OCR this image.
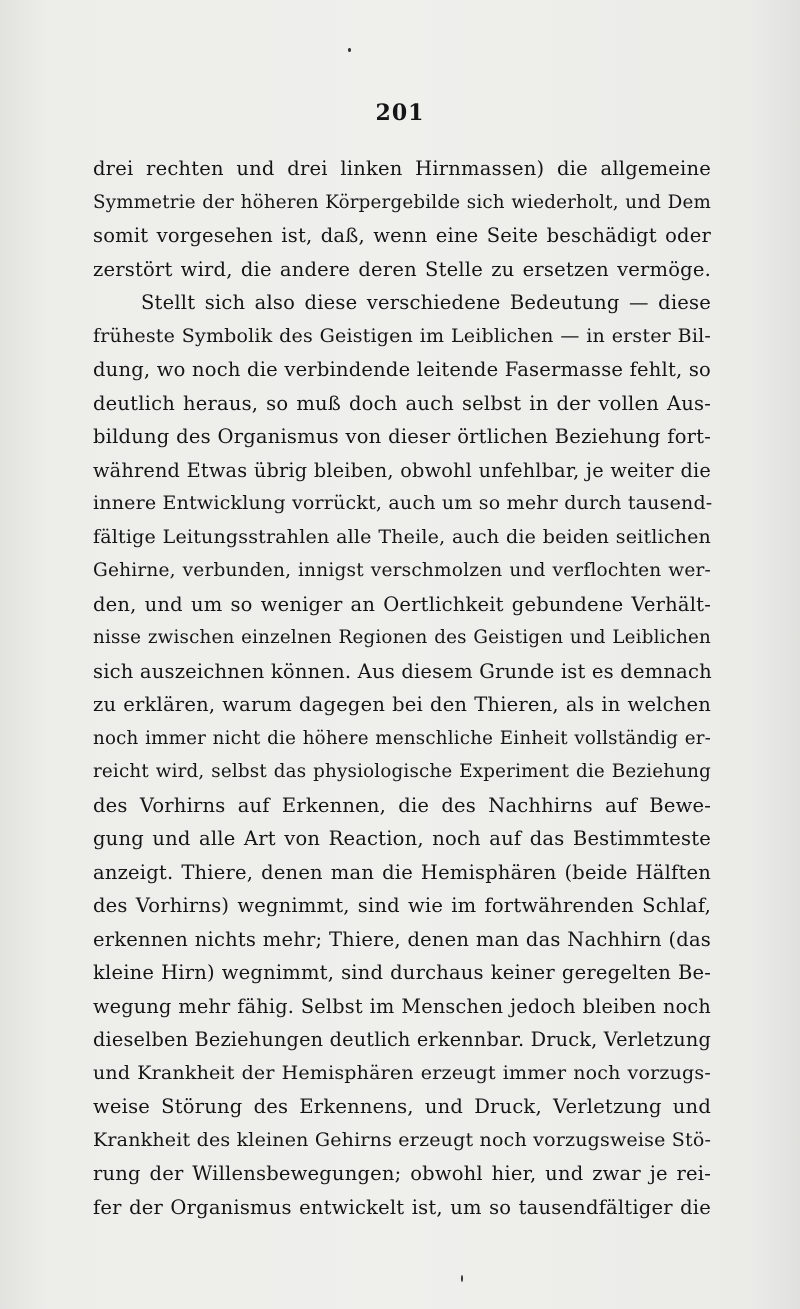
201
drei rechten und drei linken Hirnmassen) die allgemeine
Symmetrie der höheren Körpergebilde sich wiederholt, und Dem
somit vorgesehen ist, daß, wenn eine Seite beschädigt oder
zerstört wird, die andere deren Stelle zu ersetzen vermöge.
Stellt sich also diese verschiedene Bedeutung — diese
früheste Symbolik des Geistigen im Leiblichen — in erster Bil-
dung, wo noch die verbindende leitende Fasermasse fehlt, so
deutlich heraus, so muß doch auch selbst in der vollen Aus-
bildung des Organismus von dieser örtlichen Beziehung fort-
während Etwas übrig bleiben, obwohl unfehlbar, je weiter die
innere Entwicklung vorrückt, auch um so mehr durch tausend-
fältige Leitungsstrahlen alle Theile, auch die beiden seitlichen
Gehirne, verbunden, innigst verschmolzen und verflochten wer-
den, und um so weniger an Oertlichkeit gebundene Verhält-
nisse zwischen einzelnen Regionen des Geistigen und Leiblichen
sich auszeichnen können. Aus diesem Grunde ist es demnach
zu erklären, warum dagegen bei den Thieren, als in welchen
noch immer nicht die höhere menschliche Einheit vollständig er-
reicht wird, selbst das physiologische Experiment die Beziehung
des Vorhirns auf Erkennen, die des Nachhirns auf Bewe-
gung und alle Art von Reaction, noch auf das Bestimmteste
anzeigt. Thiere, denen man die Hemisphären (beide Hälften
des Vorhirns) wegnimmt, sind wie im fortwährenden Schlaf,
erkennen nichts mehr; Thiere, denen man das Nachhirn (das
kleine Hirn) wegnimmt, sind durchaus keiner geregelten Be-
wegung mehr fähig. Selbst im Menschen jedoch bleiben noch
dieselben Beziehungen deutlich erkennbar. Druck, Verletzung
und Krankheit der Hemisphären erzeugt immer noch vorzugs-
weise Störung des Erkennens, und Druck, Verletzung und
Krankheit des kleinen Gehirns erzeugt noch vorzugsweise Stö-
rung der Willensbewegungen; obwohl hier, und zwar je rei-
fer der Organismus entwickelt ist, um so tausendfältiger die
